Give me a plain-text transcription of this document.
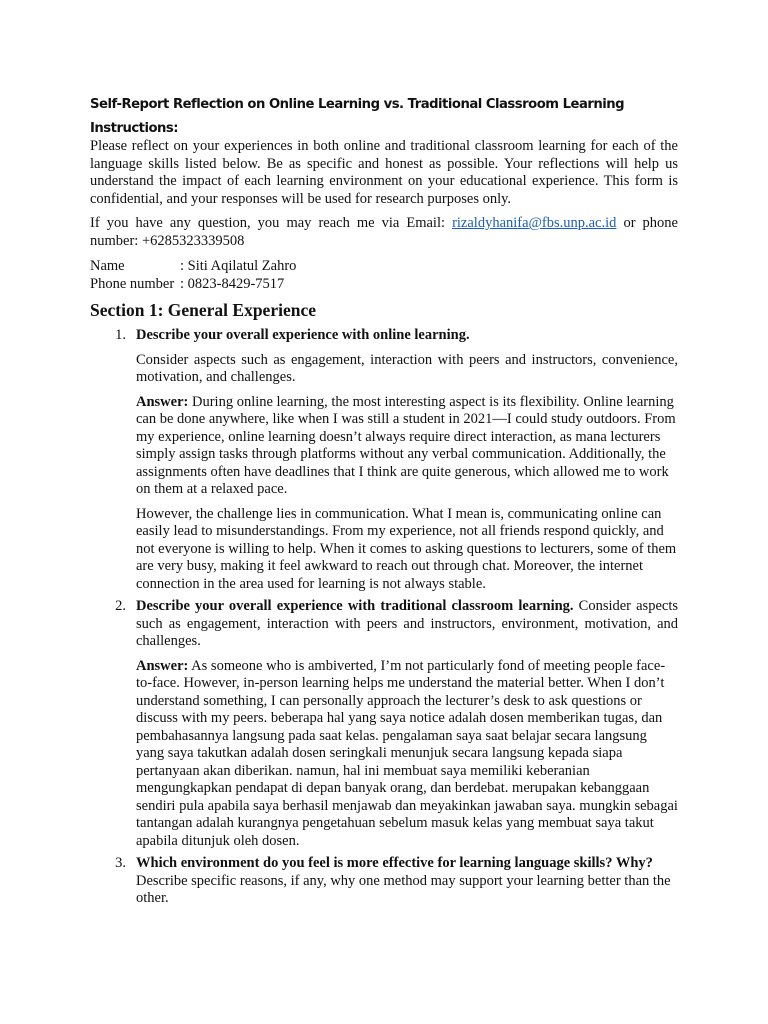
Self-Report Reflection on Online Learning vs. Traditional Classroom Learning
Instructions:

Please reflect on your experiences in both online and traditional classroom learning for each of the language skills listed below. Be as specific and honest as possible. Your reflections will help us understand the impact of each learning environment on your educational experience. This form is confidential, and your responses will be used for research purposes only.

If you have any question, you may reach me via Email: rizaldyhanifa@fbs.unp.ac.id or phone number: +6285323339508

Name	: Siti Aqilatul Zahro
Phone number : 0823-8429-7517
Section 1: General Experience
1. Describe your overall experience with online learning.

Consider aspects such as engagement, interaction with peers and instructors, convenience, motivation, and challenges.

Answer: During online learning, the most interesting aspect is its flexibility. Online learning can be done anywhere, like when I was still a student in 2021—I could study outdoors. From my experience, online learning doesn’t always require direct interaction, as mana lecturers simply assign tasks through platforms without any verbal communication. Additionally, the assignments often have deadlines that I think are quite generous, which allowed me to work on them at a relaxed pace.

However, the challenge lies in communication. What I mean is, communicating online can easily lead to misunderstandings. From my experience, not all friends respond quickly, and not everyone is willing to help. When it comes to asking questions to lecturers, some of them are very busy, making it feel awkward to reach out through chat. Moreover, the internet connection in the area used for learning is not always stable.

2. Describe your overall experience with traditional classroom learning. Consider aspects such as engagement, interaction with peers and instructors, environment, motivation, and challenges.

Answer: As someone who is ambiverted, I’m not particularly fond of meeting people face-to-face. However, in-person learning helps me understand the material better. When I don’t understand something, I can personally approach the lecturer’s desk to ask questions or discuss with my peers. beberapa hal yang saya notice adalah dosen memberikan tugas, dan pembahasannya langsung pada saat kelas. pengalaman saya saat belajar secara langsung yang saya takutkan adalah dosen seringkali menunjuk secara langsung kepada siapa pertanyaan akan diberikan. namun, hal ini membuat saya memiliki keberanian mengungkapkan pendapat di depan banyak orang, dan berdebat. merupakan kebanggaan sendiri pula apabila saya berhasil menjawab dan meyakinkan jawaban saya. mungkin sebagai tantangan adalah kurangnya pengetahuan sebelum masuk kelas yang membuat saya takut apabila ditunjuk oleh dosen.

3. Which environment do you feel is more effective for learning language skills? Why? Describe specific reasons, if any, why one method may support your learning better than the other.
